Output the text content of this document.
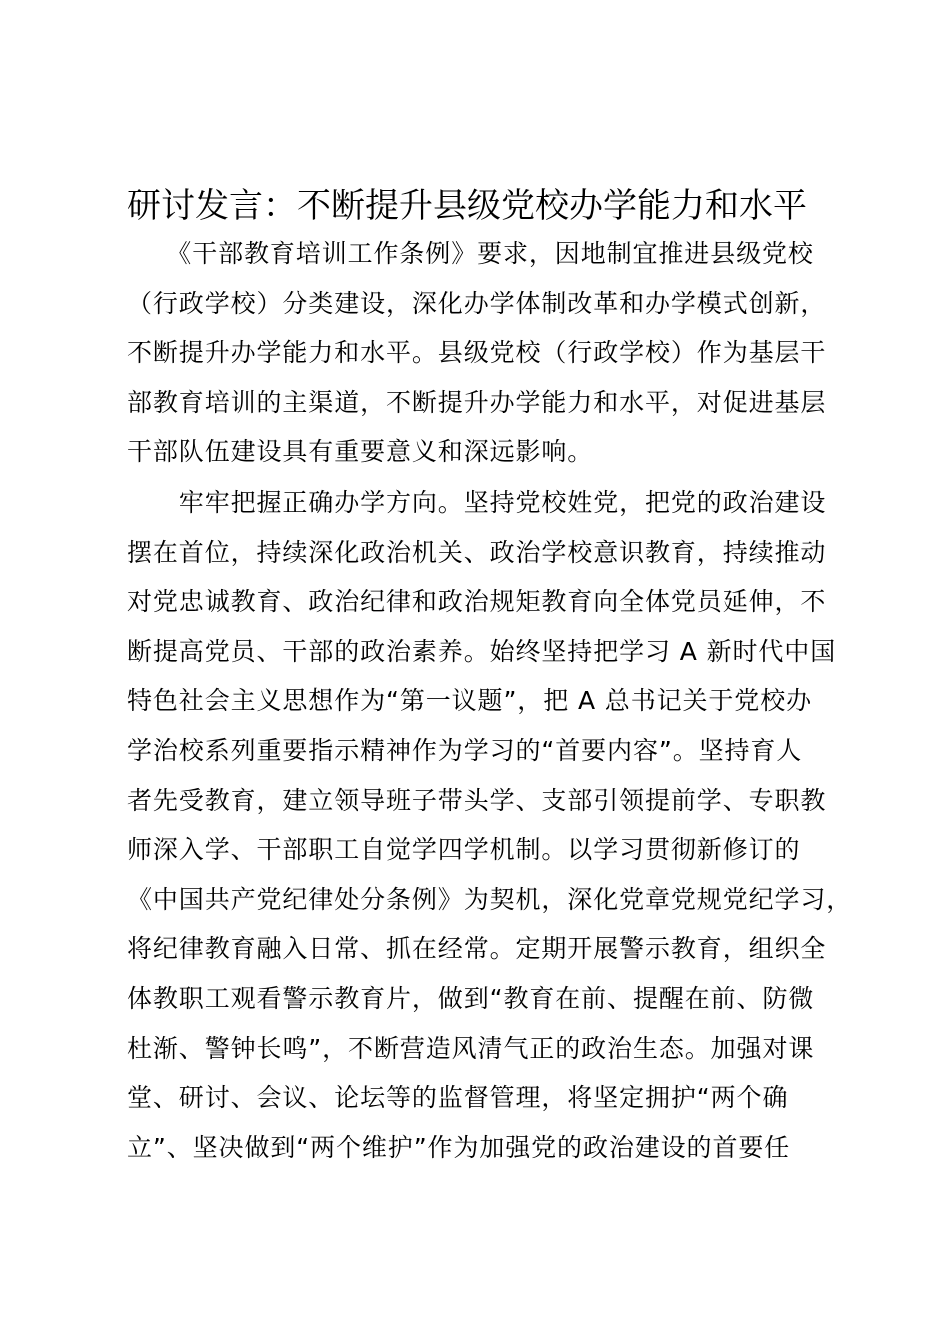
研讨发言：不断提升县级党校办学能力和水平
　　《干部教育培训工作条例》要求，因地制宜推进县级党校
（行政学校）分类建设，深化办学体制改革和办学模式创新，
不断提升办学能力和水平。县级党校（行政学校）作为基层干
部教育培训的主渠道，不断提升办学能力和水平，对促进基层
干部队伍建设具有重要意义和深远影响。
　　牢牢把握正确办学方向。坚持党校姓党，把党的政治建设
摆在首位，持续深化政治机关、政治学校意识教育，持续推动
对党忠诚教育、政治纪律和政治规矩教育向全体党员延伸，不
断提高党员、干部的政治素养。始终坚持把学习 A 新时代中国
特色社会主义思想作为“第一议题”，把 A 总书记关于党校办
学治校系列重要指示精神作为学习的“首要内容”。坚持育人
者先受教育，建立领导班子带头学、支部引领提前学、专职教
师深入学、干部职工自觉学四学机制。以学习贯彻新修订的
《中国共产党纪律处分条例》为契机，深化党章党规党纪学习，
将纪律教育融入日常、抓在经常。定期开展警示教育，组织全
体教职工观看警示教育片，做到“教育在前、提醒在前、防微
杜渐、警钟长鸣”，不断营造风清气正的政治生态。加强对课
堂、研讨、会议、论坛等的监督管理，将坚定拥护“两个确
立”、坚决做到“两个维护”作为加强党的政治建设的首要任
